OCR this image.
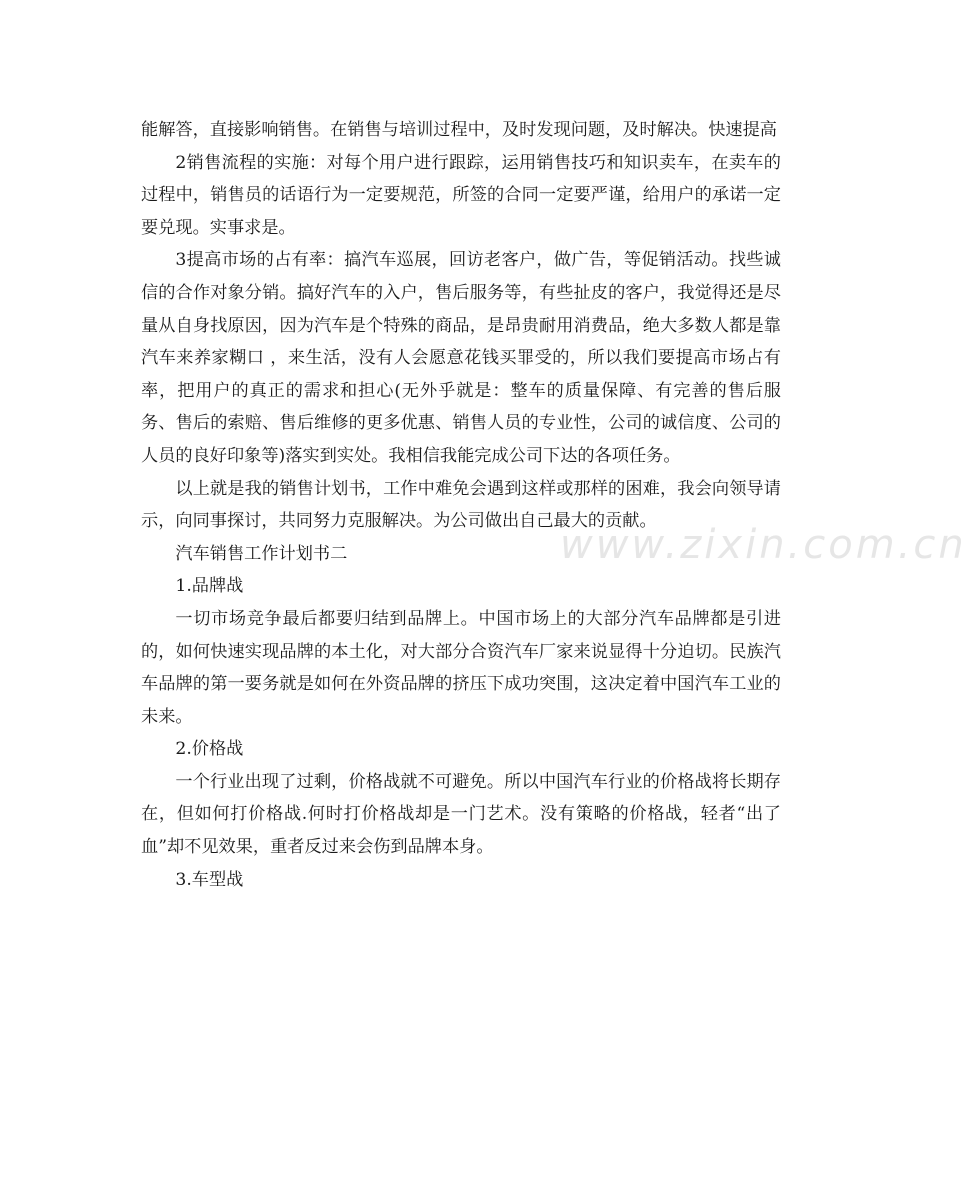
www.zixin.com.cn

能解答，直接影响销售。在销售与培训过程中，及时发现问题，及时解决。快速提高

2销售流程的实施：对每个用户进行跟踪，运用销售技巧和知识卖车，在卖车的过程中，销售员的话语行为一定要规范，所签的合同一定要严谨，给用户的承诺一定要兑现。实事求是。

3提高市场的占有率：搞汽车巡展，回访老客户，做广告，等促销活动。找些诚信的合作对象分销。搞好汽车的入户，售后服务等，有些扯皮的客户，我觉得还是尽量从自身找原因，因为汽车是个特殊的商品，是昂贵耐用消费品，绝大多数人都是靠汽车来养家糊口 ，来生活，没有人会愿意花钱买罪受的，所以我们要提高市场占有率，把用户的真正的需求和担心(无外乎就是：整车的质量保障、有完善的售后服务、售后的索赔、售后维修的更多优惠、销售人员的专业性，公司的诚信度、公司的人员的良好印象等)落实到实处。我相信我能完成公司下达的各项任务。

以上就是我的销售计划书，工作中难免会遇到这样或那样的困难，我会向领导请示，向同事探讨，共同努力克服解决。为公司做出自己最大的贡献。

汽车销售工作计划书二

1.品牌战

一切市场竞争最后都要归结到品牌上。中国市场上的大部分汽车品牌都是引进的，如何快速实现品牌的本土化，对大部分合资汽车厂家来说显得十分迫切。民族汽车品牌的第一要务就是如何在外资品牌的挤压下成功突围，这决定着中国汽车工业的未来。

2.价格战

一个行业出现了过剩，价格战就不可避免。所以中国汽车行业的价格战将长期存在，但如何打价格战.何时打价格战却是一门艺术。没有策略的价格战，轻者“出了血”却不见效果，重者反过来会伤到品牌本身。

3.车型战
